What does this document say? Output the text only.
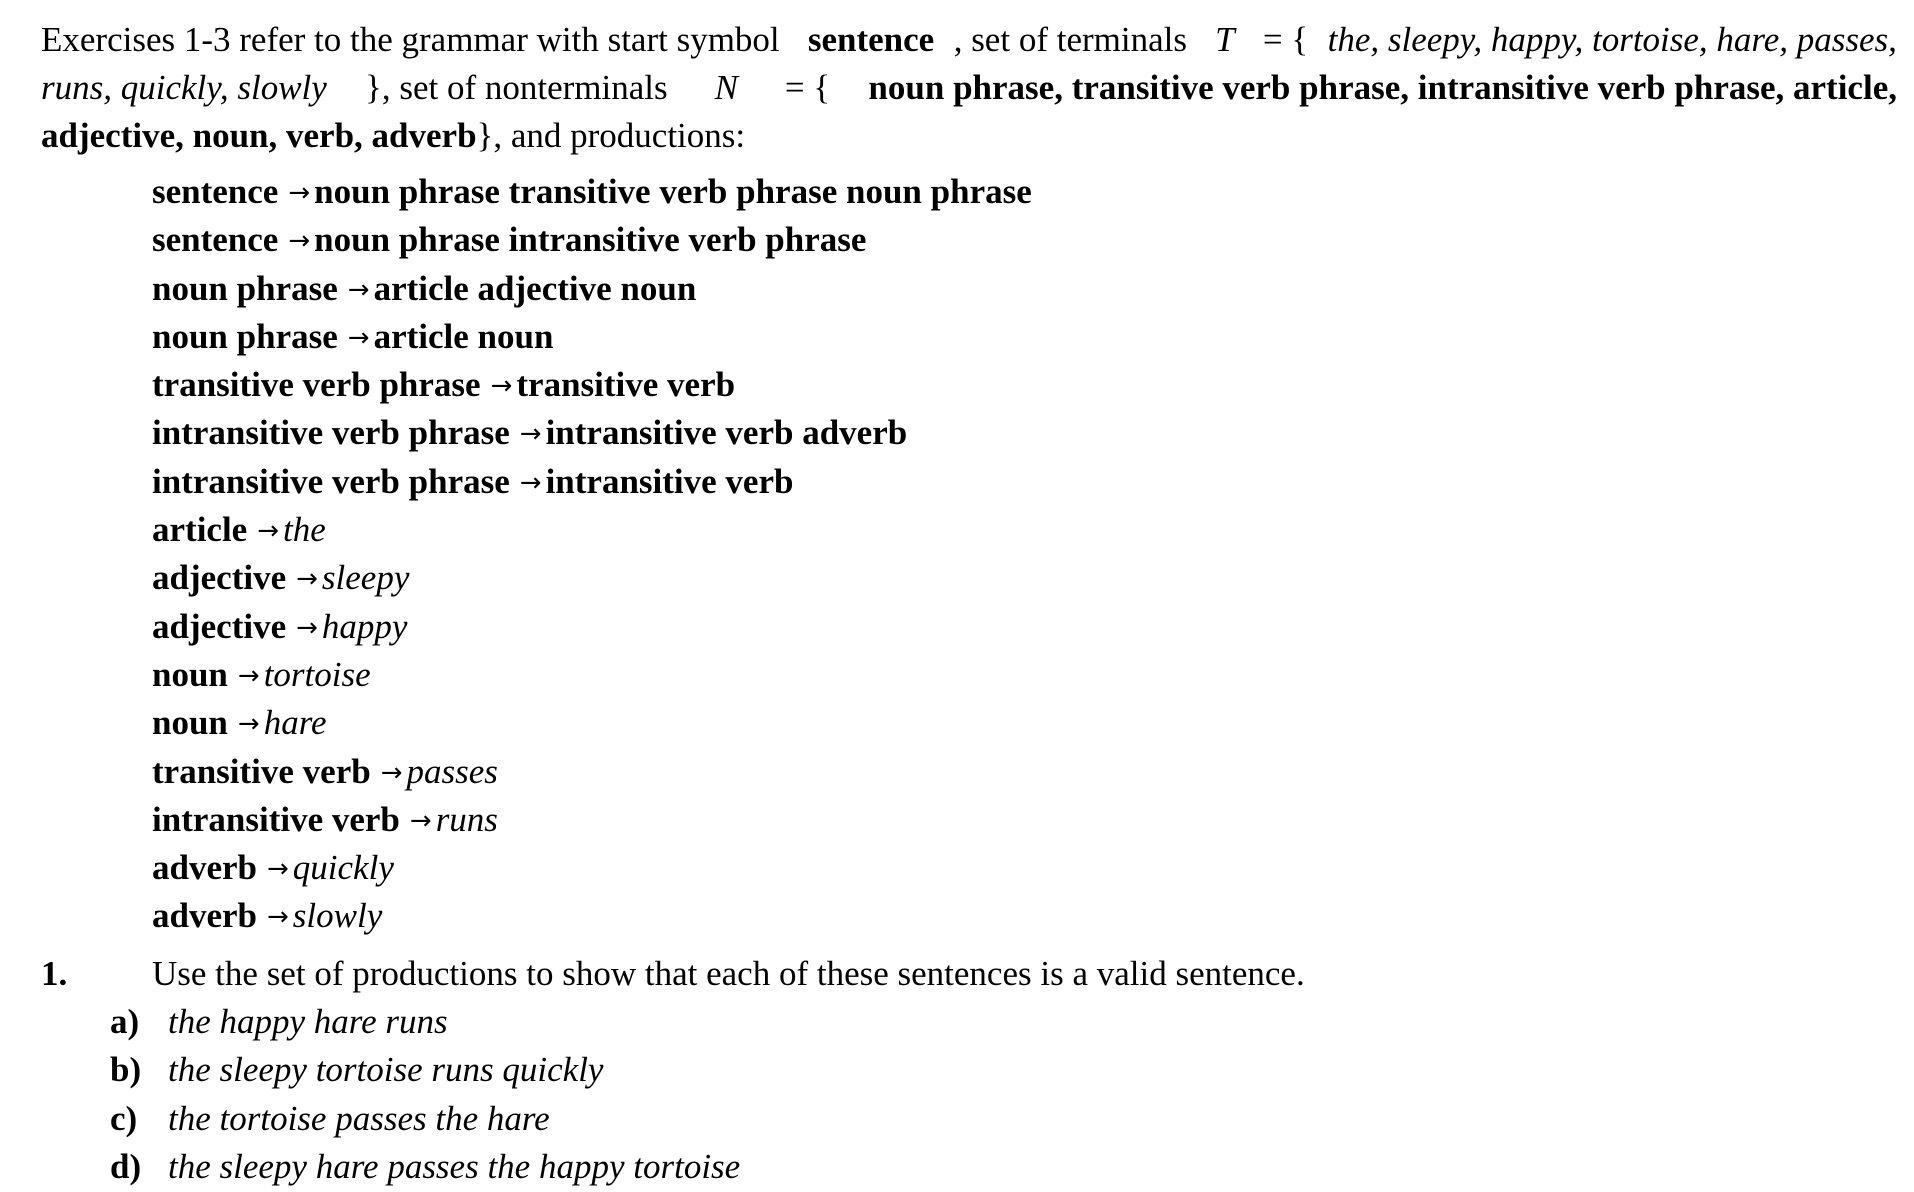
Exercises 1-3 refer to the grammar with start symbol sentence , set of terminals T = { the, sleepy, happy, tortoise, hare, passes,
runs, quickly, slowly }, set of nonterminals N = { noun phrase, transitive verb phrase, intransitive verb phrase, article,
adjective, noun, verb, adverb}, and productions:

sentence → noun phrase transitive verb phrase noun phrase
sentence → noun phrase intransitive verb phrase
noun phrase → article adjective noun
noun phrase → article noun
transitive verb phrase → transitive verb
intransitive verb phrase → intransitive verb adverb
intransitive verb phrase → intransitive verb
article → the
adjective → sleepy
adjective → happy
noun → tortoise
noun → hare
transitive verb → passes
intransitive verb → runs
adverb → quickly
adverb → slowly
1. Use the set of productions to show that each of these sentences is a valid sentence.
a) the happy hare runs
b) the sleepy tortoise runs quickly
c) the tortoise passes the hare
d) the sleepy hare passes the happy tortoise
